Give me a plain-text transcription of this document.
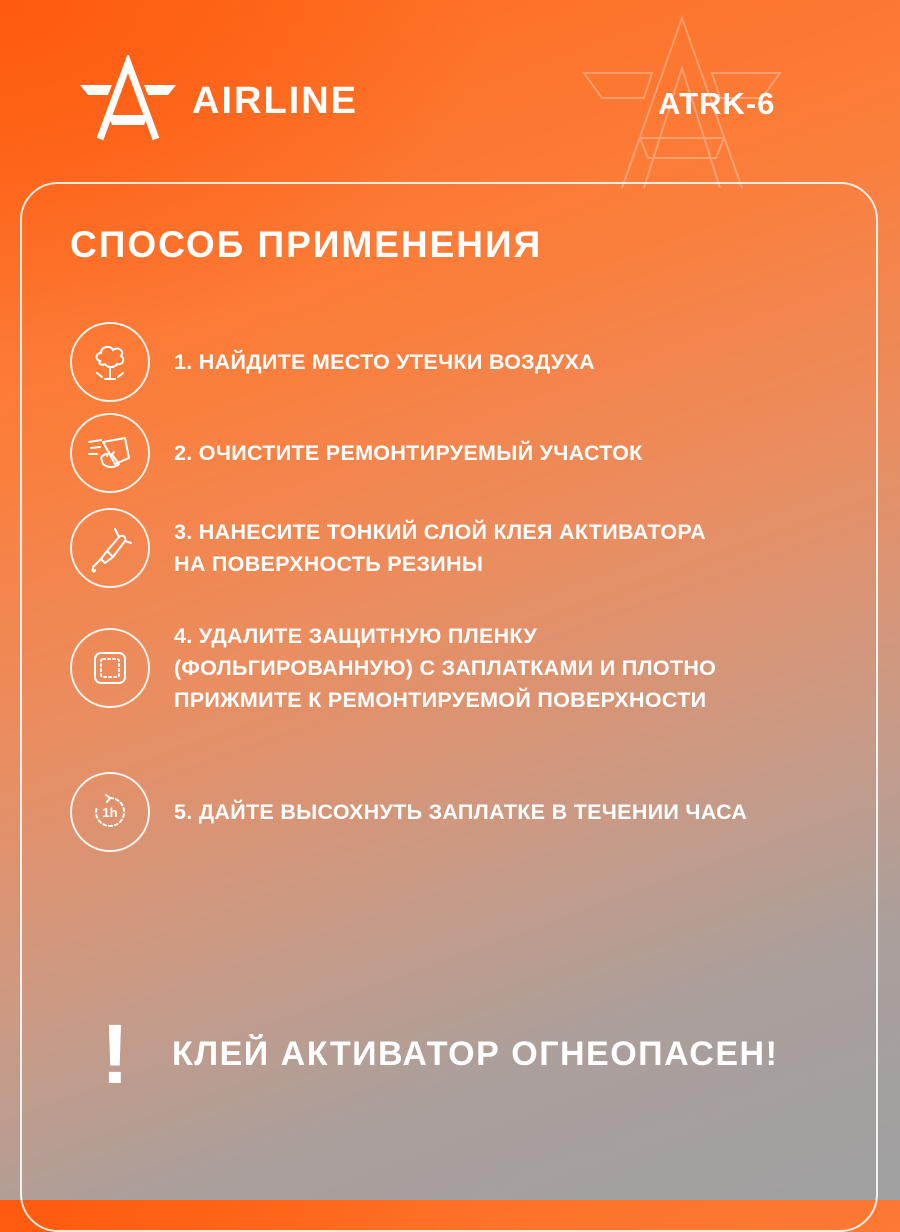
AIRLINE	ATRK-6
СПОСОБ ПРИМЕНЕНИЯ
1. НАЙДИТЕ МЕСТО УТЕЧКИ ВОЗДУХА
2. ОЧИСТИТЕ РЕМОНТИРУЕМЫЙ УЧАСТОК
3. НАНЕСИТЕ ТОНКИЙ СЛОЙ КЛЕЯ АКТИВАТОРА
НА ПОВЕРХНОСТЬ РЕЗИНЫ
4. УДАЛИТЕ ЗАЩИТНУЮ ПЛЕНКУ
(ФОЛЬГИРОВАННУЮ) С ЗАПЛАТКАМИ И ПЛОТНО
ПРИЖМИТЕ К РЕМОНТИРУЕМОЙ ПОВЕРХНОСТИ
1h	5. ДАЙТЕ ВЫСОХНУТЬ ЗАПЛАТКЕ В ТЕЧЕНИИ ЧАСА
! КЛЕЙ АКТИВАТОР ОГНЕОПАСЕН!
